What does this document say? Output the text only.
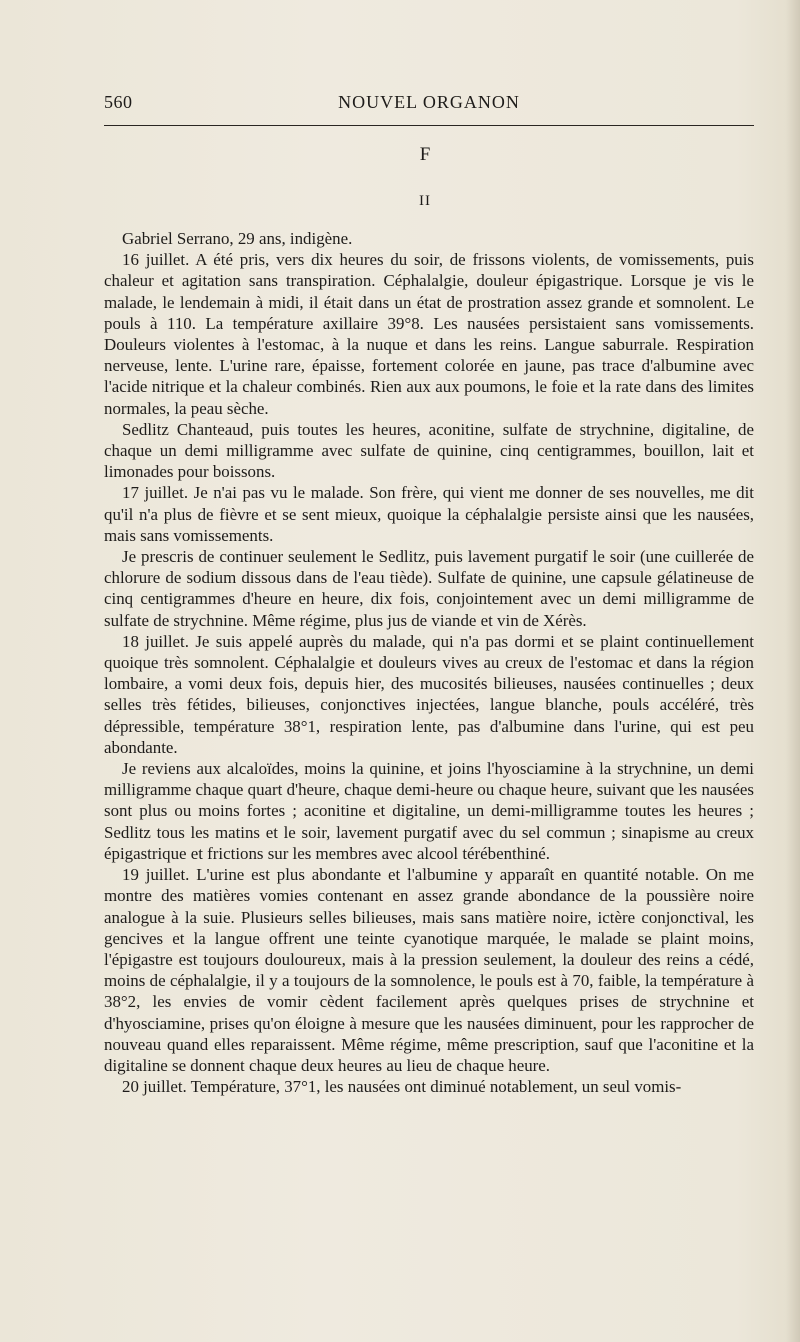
560	NOUVEL ORGANON
F
II

Gabriel Serrano, 29 ans, indigène.

16 juillet. A été pris, vers dix heures du soir, de frissons violents, de vomissements, puis chaleur et agitation sans transpiration. Céphalalgie, douleur épigastrique. Lorsque je vis le malade, le lendemain à midi, il était dans un état de prostration assez grande et somnolent. Le pouls à 110. La température axillaire 39°8. Les nausées persistaient sans vomissements. Douleurs violentes à l'estomac, à la nuque et dans les reins. Langue saburrale. Respiration nerveuse, lente. L'urine rare, épaisse, fortement colorée en jaune, pas trace d'albumine avec l'acide nitrique et la chaleur combinés. Rien aux aux poumons, le foie et la rate dans des limites normales, la peau sèche.

Sedlitz Chanteaud, puis toutes les heures, aconitine, sulfate de strychnine, digitaline, de chaque un demi milligramme avec sulfate de quinine, cinq centigrammes, bouillon, lait et limonades pour boissons.

17 juillet. Je n'ai pas vu le malade. Son frère, qui vient me donner de ses nouvelles, me dit qu'il n'a plus de fièvre et se sent mieux, quoique la céphalalgie persiste ainsi que les nausées, mais sans vomissements.

Je prescris de continuer seulement le Sedlitz, puis lavement purgatif le soir (une cuillerée de chlorure de sodium dissous dans de l'eau tiède). Sulfate de quinine, une capsule gélatineuse de cinq centigrammes d'heure en heure, dix fois, conjointement avec un demi milligramme de sulfate de strychnine. Même régime, plus jus de viande et vin de Xérès.

18 juillet. Je suis appelé auprès du malade, qui n'a pas dormi et se plaint continuellement quoique très somnolent. Céphalalgie et douleurs vives au creux de l'estomac et dans la région lombaire, a vomi deux fois, depuis hier, des mucosités bilieuses, nausées continuelles ; deux selles très fétides, bilieuses, conjonctives injectées, langue blanche, pouls accéléré, très dépressible, température 38°1, respiration lente, pas d'albumine dans l'urine, qui est peu abondante.

Je reviens aux alcaloïdes, moins la quinine, et joins l'hyosciamine à la strychnine, un demi milligramme chaque quart d'heure, chaque demi-heure ou chaque heure, suivant que les nausées sont plus ou moins fortes ; aconitine et digitaline, un demi-milligramme toutes les heures ; Sedlitz tous les matins et le soir, lavement purgatif avec du sel commun ; sinapisme au creux épigastrique et frictions sur les membres avec alcool térébenthiné.

19 juillet. L'urine est plus abondante et l'albumine y apparaît en quantité notable. On me montre des matières vomies contenant en assez grande abondance de la poussière noire analogue à la suie. Plusieurs selles bilieuses, mais sans matière noire, ictère conjonctival, les gencives et la langue offrent une teinte cyanotique marquée, le malade se plaint moins, l'épigastre est toujours douloureux, mais à la pression seulement, la douleur des reins a cédé, moins de céphalalgie, il y a toujours de la somnolence, le pouls est à 70, faible, la température à 38°2, les envies de vomir cèdent facilement après quelques prises de strychnine et d'hyosciamine, prises qu'on éloigne à mesure que les nausées diminuent, pour les rapprocher de nouveau quand elles reparaissent. Même régime, même prescription, sauf que l'aconitine et la digitaline se donnent chaque deux heures au lieu de chaque heure.

20 juillet. Température, 37°1, les nausées ont diminué notablement, un seul vomis-
